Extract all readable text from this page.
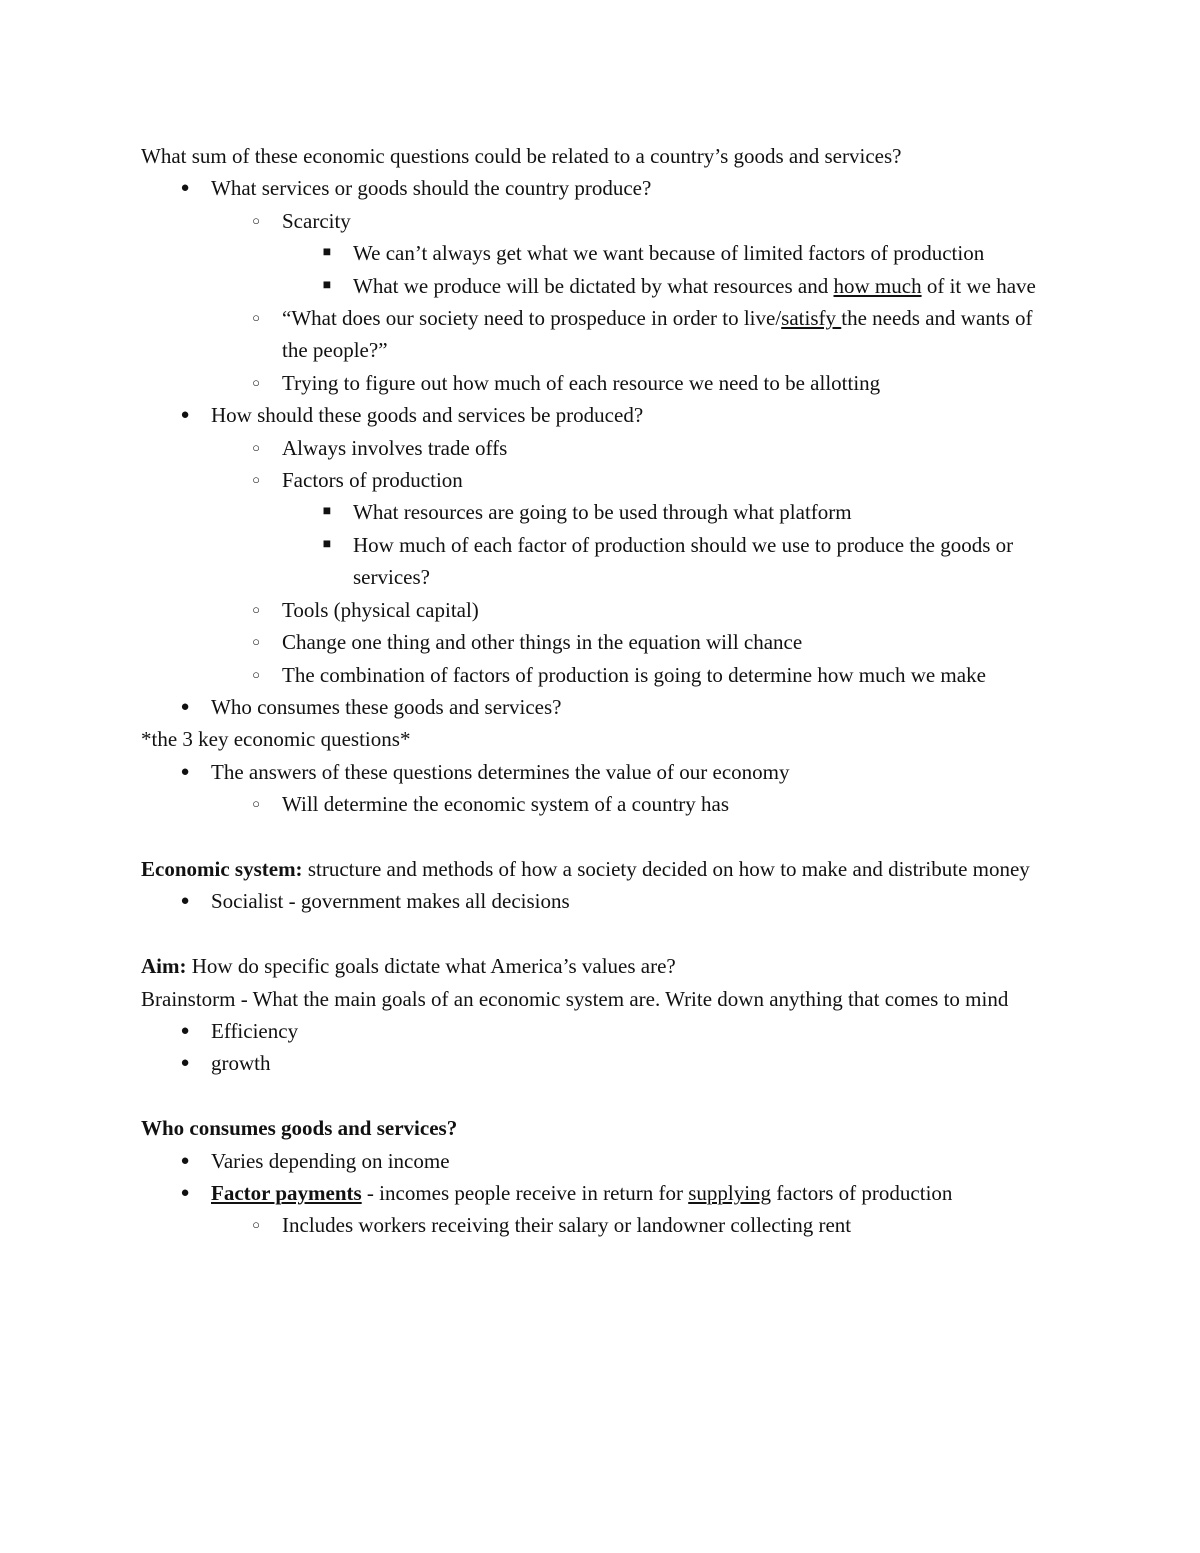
What sum of these economic questions could be related to a country’s goods and services?
● What services or goods should the country produce?
○ Scarcity
■ We can’t always get what we want because of limited factors of production
■ What we produce will be dictated by what resources and how much of it we have
○ “What does our society need to prospeduce in order to live/satisfy the needs and wants of the people?”
○ Trying to figure out how much of each resource we need to be allotting
● How should these goods and services be produced?
○ Always involves trade offs
○ Factors of production
■ What resources are going to be used through what platform
■ How much of each factor of production should we use to produce the goods or services?
○ Tools (physical capital)
○ Change one thing and other things in the equation will chance
○ The combination of factors of production is going to determine how much we make
● Who consumes these goods and services?
*the 3 key economic questions*
● The answers of these questions determines the value of our economy
○ Will determine the economic system of a country has
Economic system: structure and methods of how a society decided on how to make and distribute money
● Socialist - government makes all decisions
Aim: How do specific goals dictate what America’s values are?
Brainstorm - What the main goals of an economic system are. Write down anything that comes to mind
● Efficiency
● growth
Who consumes goods and services?
● Varies depending on income
● Factor payments - incomes people receive in return for supplying factors of production
○ Includes workers receiving their salary or landowner collecting rent
